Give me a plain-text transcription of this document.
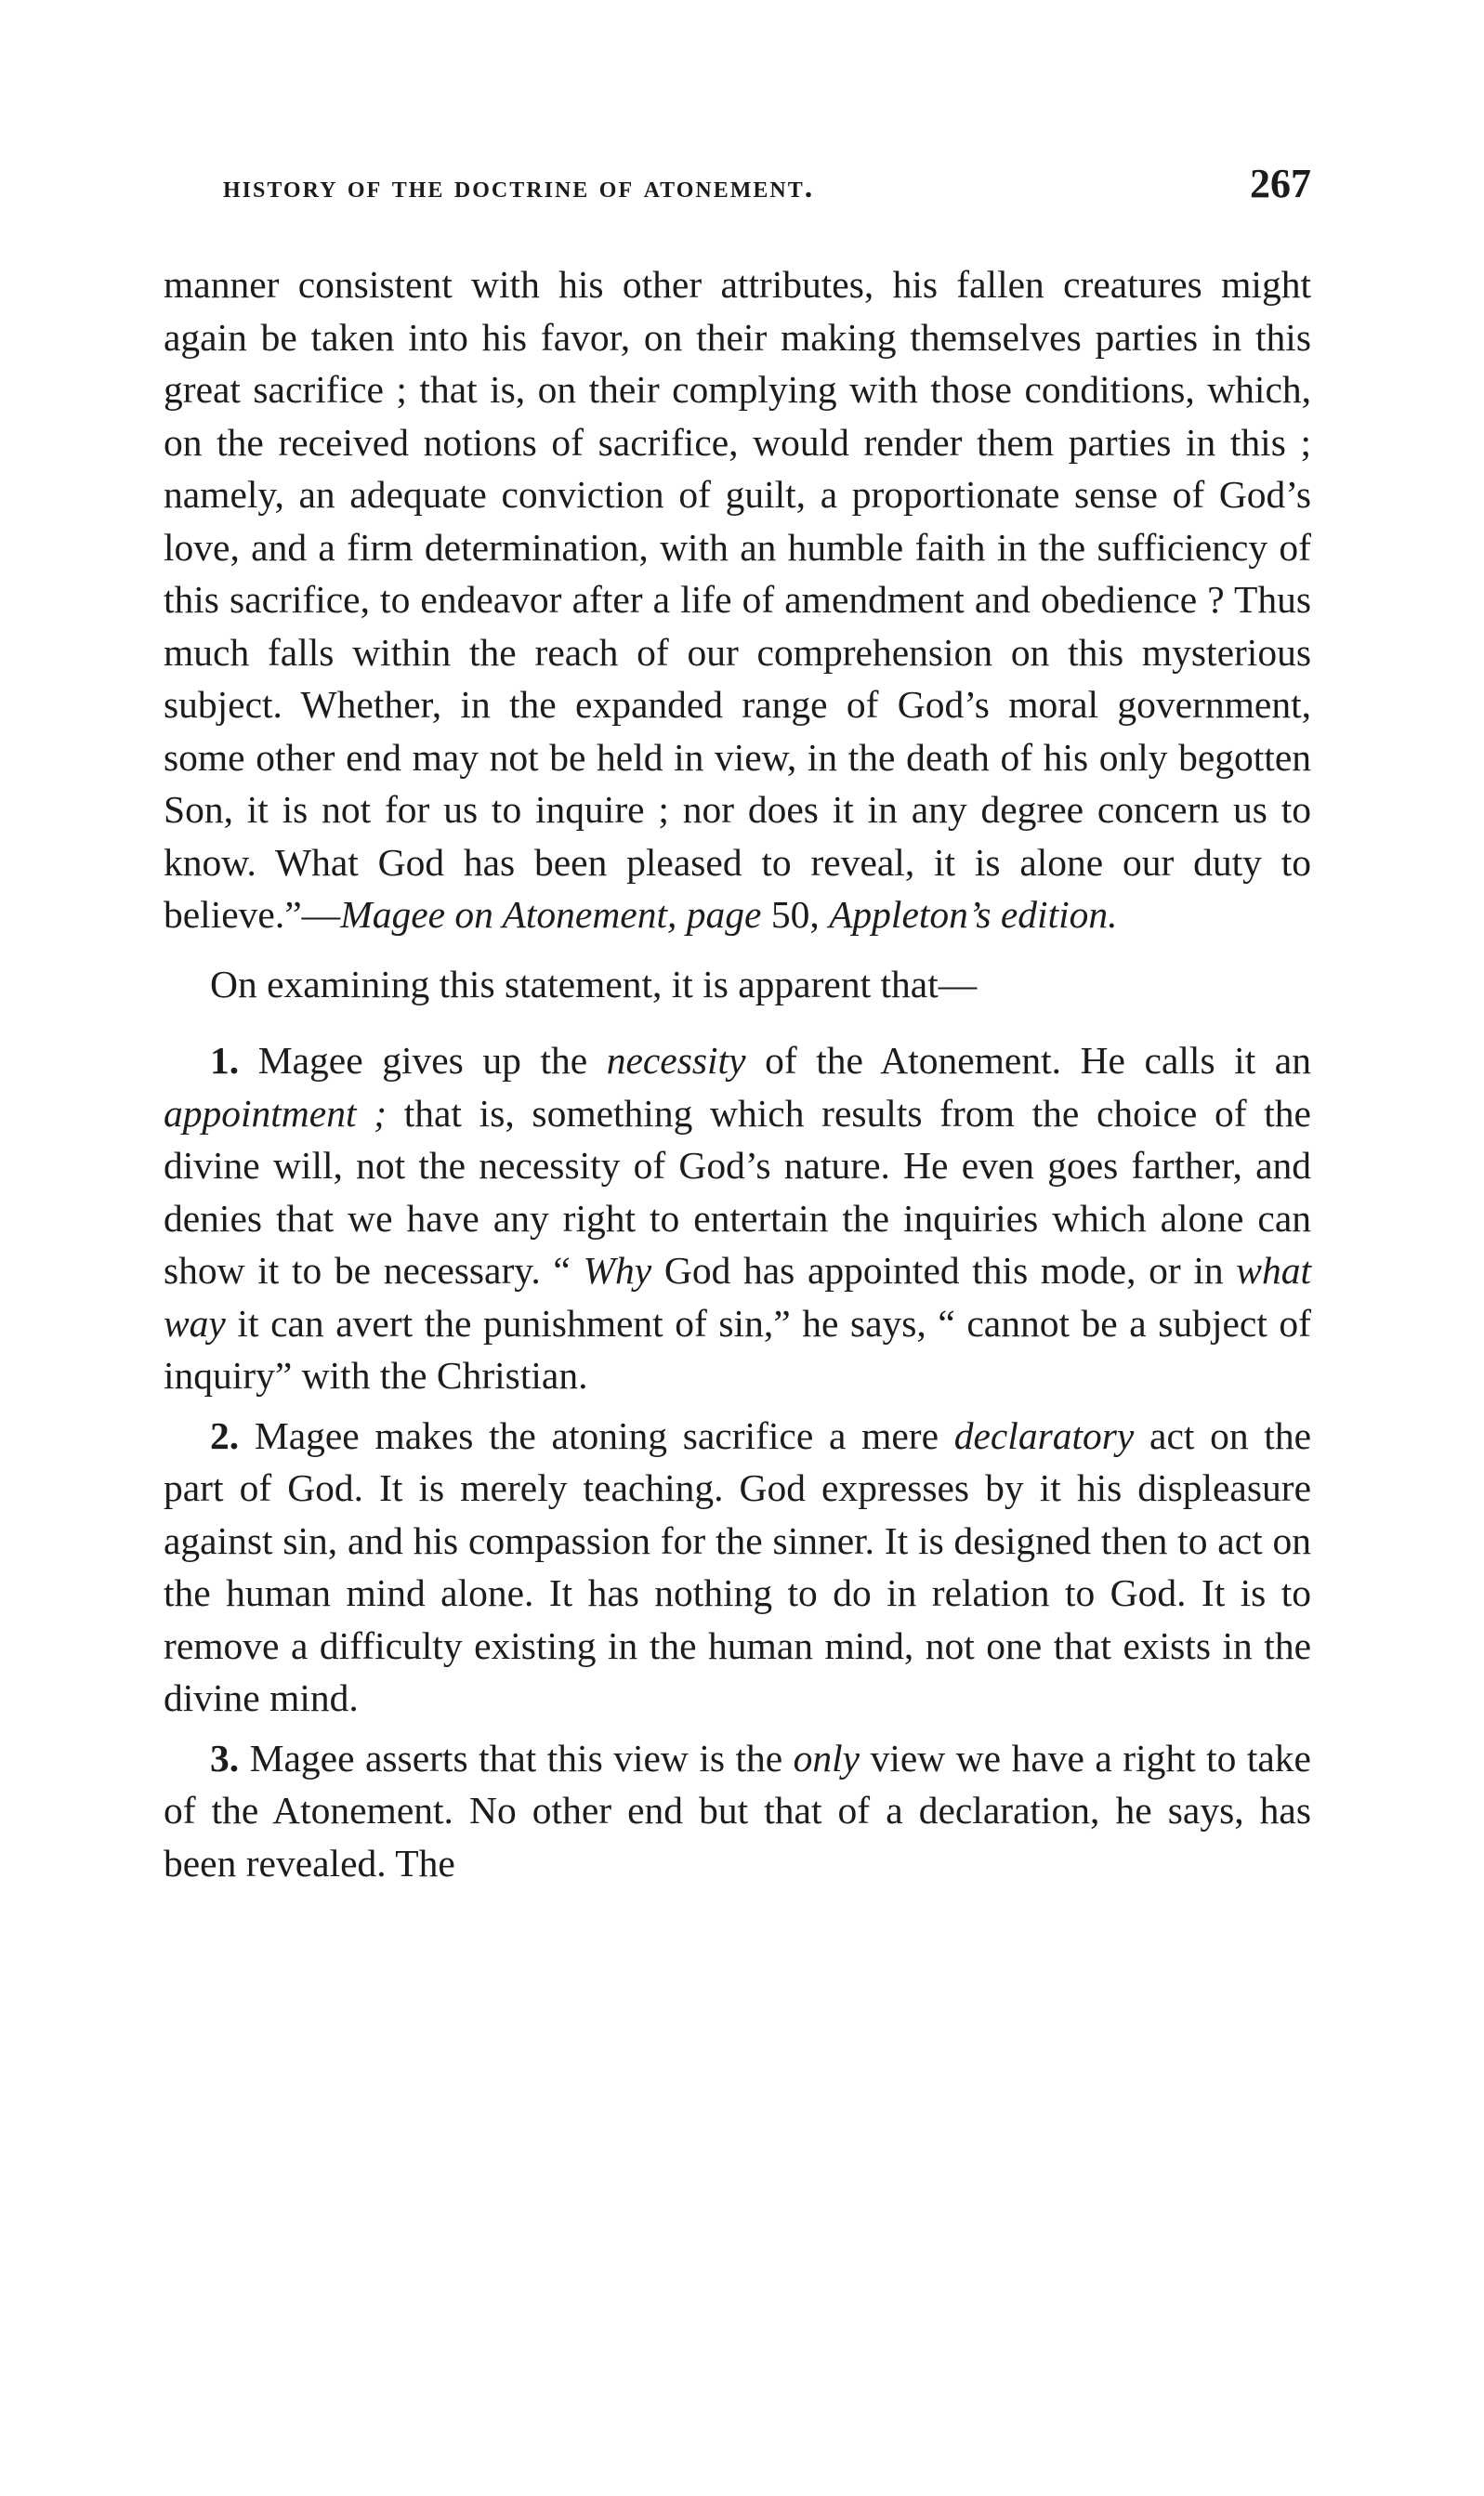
history of the doctrine of atonement.	267

manner consistent with his other attributes, his fallen creatures might again be taken into his favor, on their making themselves parties in this great sacrifice ; that is, on their complying with those conditions, which, on the received notions of sacrifice, would render them parties in this ; namely, an adequate conviction of guilt, a proportionate sense of God’s love, and a firm determination, with an humble faith in the sufficiency of this sacrifice, to endeavor after a life of amendment and obedience ? Thus much falls within the reach of our comprehension on this mysterious subject. Whether, in the expanded range of God’s moral government, some other end may not be held in view, in the death of his only begotten Son, it is not for us to inquire ; nor does it in any degree concern us to know. What God has been pleased to reveal, it is alone our duty to believe.”—Magee on Atonement, page 50, Appleton’s edition.

On examining this statement, it is apparent that—

1. Magee gives up the necessity of the Atonement. He calls it an appointment ; that is, something which results from the choice of the divine will, not the necessity of God’s nature. He even goes farther, and denies that we have any right to entertain the inquiries which alone can show it to be necessary. “ Why God has appointed this mode, or in what way it can avert the punishment of sin,” he says, “ cannot be a subject of inquiry” with the Christian.

2. Magee makes the atoning sacrifice a mere declaratory act on the part of God. It is merely teaching. God expresses by it his displeasure against sin, and his compassion for the sinner. It is designed then to act on the human mind alone. It has nothing to do in relation to God. It is to remove a difficulty existing in the human mind, not one that exists in the divine mind.

3. Magee asserts that this view is the only view we have a right to take of the Atonement. No other end but that of a declaration, he says, has been revealed. The
